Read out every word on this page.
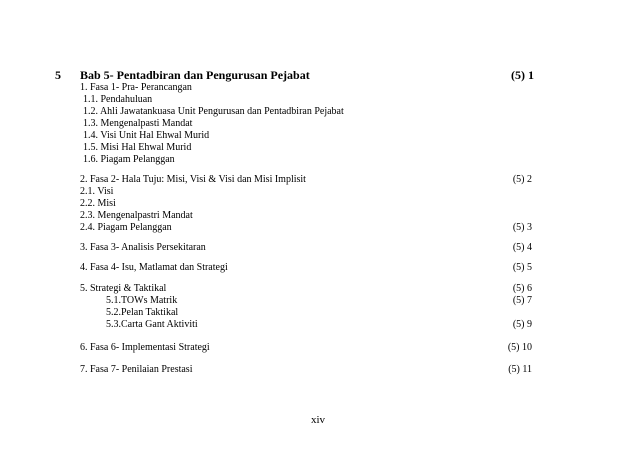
5 Bab 5- Pentadbiran dan Pengurusan Pejabat	(5) 1
1. Fasa 1- Pra- Perancangan
1.1. Pendahuluan
1.2. Ahli Jawatankuasa Unit Pengurusan dan Pentadbiran Pejabat
1.3. Mengenalpasti Mandat
1.4. Visi Unit Hal Ehwal Murid
1.5. Misi Hal Ehwal Murid
1.6. Piagam Pelanggan
2. Fasa 2- Hala Tuju: Misi, Visi & Visi dan Misi Implisit	(5) 2
2.1. Visi
2.2. Misi
2.3. Mengenalpastri Mandat
2.4. Piagam Pelanggan	(5) 3
3. Fasa 3- Analisis Persekitaran	(5) 4
4. Fasa 4- Isu, Matlamat dan Strategi	(5) 5
5. Strategi & Taktikal	(5) 6
5.1.TOWs Matrik	(5) 7
5.2.Pelan Taktikal
5.3.Carta Gant Aktiviti	(5) 9
6. Fasa 6- Implementasi Strategi	(5) 10
7. Fasa 7- Penilaian Prestasi	(5) 11
xiv
